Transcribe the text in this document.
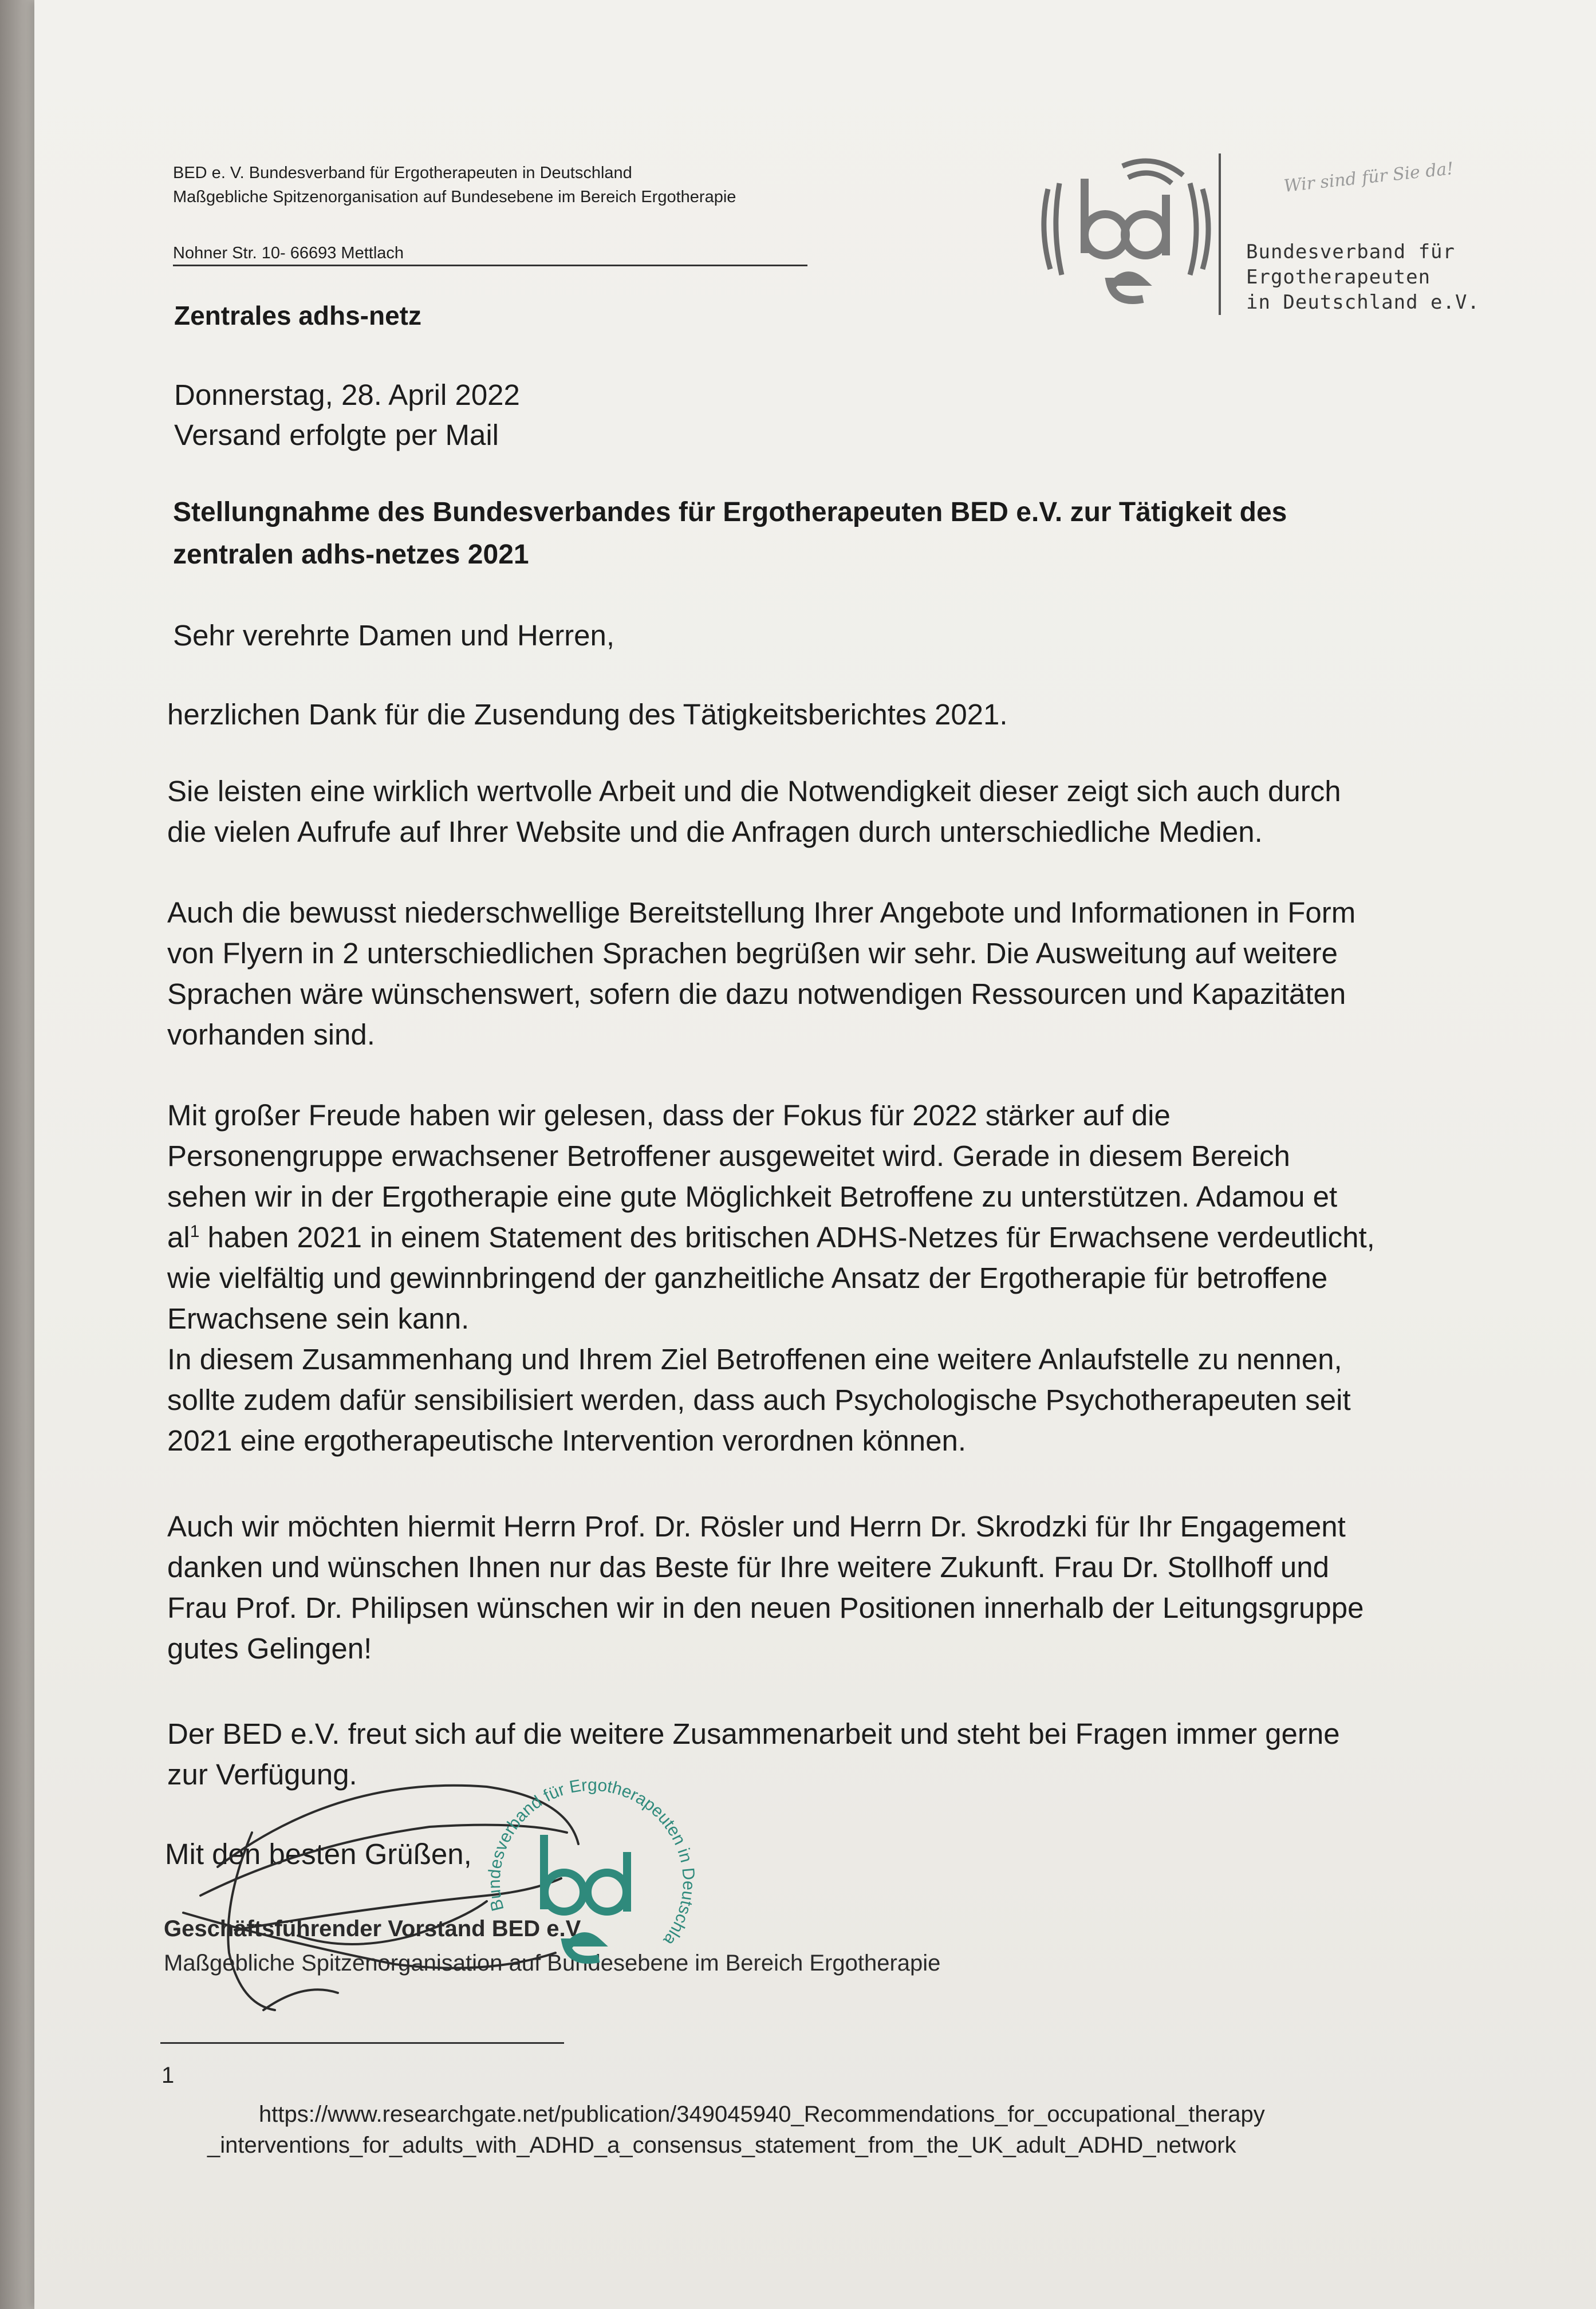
BED e. V. Bundesverband für Ergotherapeuten in Deutschland
Maßgebliche Spitzenorganisation auf Bundesebene im Bereich Ergotherapie
Nohner Str. 10- 66693 Mettlach
Wir sind für Sie da!
Bundesverband für
Ergotherapeuten
in Deutschland e.V.
Zentrales adhs-netz
Donnerstag, 28. April 2022
Versand erfolgte per Mail
Stellungnahme des Bundesverbandes für Ergotherapeuten BED e.V. zur Tätigkeit des
zentralen adhs-netzes 2021
Sehr verehrte Damen und Herren,
herzlichen Dank für die Zusendung des Tätigkeitsberichtes 2021.
Sie leisten eine wirklich wertvolle Arbeit und die Notwendigkeit dieser zeigt sich auch durch
die vielen Aufrufe auf Ihrer Website und die Anfragen durch unterschiedliche Medien.
Auch die bewusst niederschwellige Bereitstellung Ihrer Angebote und Informationen in Form
von Flyern in 2 unterschiedlichen Sprachen begrüßen wir sehr. Die Ausweitung auf weitere
Sprachen wäre wünschenswert, sofern die dazu notwendigen Ressourcen und Kapazitäten
vorhanden sind.
Mit großer Freude haben wir gelesen, dass der Fokus für 2022 stärker auf die
Personengruppe erwachsener Betroffener ausgeweitet wird. Gerade in diesem Bereich
sehen wir in der Ergotherapie eine gute Möglichkeit Betroffene zu unterstützen. Adamou et
$al^1$ haben 2021 in einem Statement des britischen ADHS-Netzes für Erwachsene verdeutlicht,
wie vielfältig und gewinnbringend der ganzheitliche Ansatz der Ergotherapie für betroffene
Erwachsene sein kann.
In diesem Zusammenhang und Ihrem Ziel Betroffenen eine weitere Anlaufstelle zu nennen,
sollte zudem dafür sensibilisiert werden, dass auch Psychologische Psychotherapeuten seit
2021 eine ergotherapeutische Intervention verordnen können.
Auch wir möchten hiermit Herrn Prof. Dr. Rösler und Herrn Dr. Skrodzki für Ihr Engagement
danken und wünschen Ihnen nur das Beste für Ihre weitere Zukunft. Frau Dr. Stollhoff und
Frau Prof. Dr. Philipsen wünschen wir in den neuen Positionen innerhalb der Leitungsgruppe
gutes Gelingen!
Der BED e.V. freut sich auf die weitere Zusammenarbeit und steht bei Fragen immer gerne
zur Verfügung.
Mit den besten Grüßen,
Geschäftsführender Vorstand BED e.V.
Maßgebliche Spitzenorganisation auf Bundesebene im Bereich Ergotherapie
Bundesverband für Ergotherapeuten in Deutschla
1
https://www.researchgate.net/publication/349045940_Recommendations_for_occupational_therapy
_interventions_for_adults_with_ADHD_a_consensus_statement_from_the_UK_adult_ADHD_network
